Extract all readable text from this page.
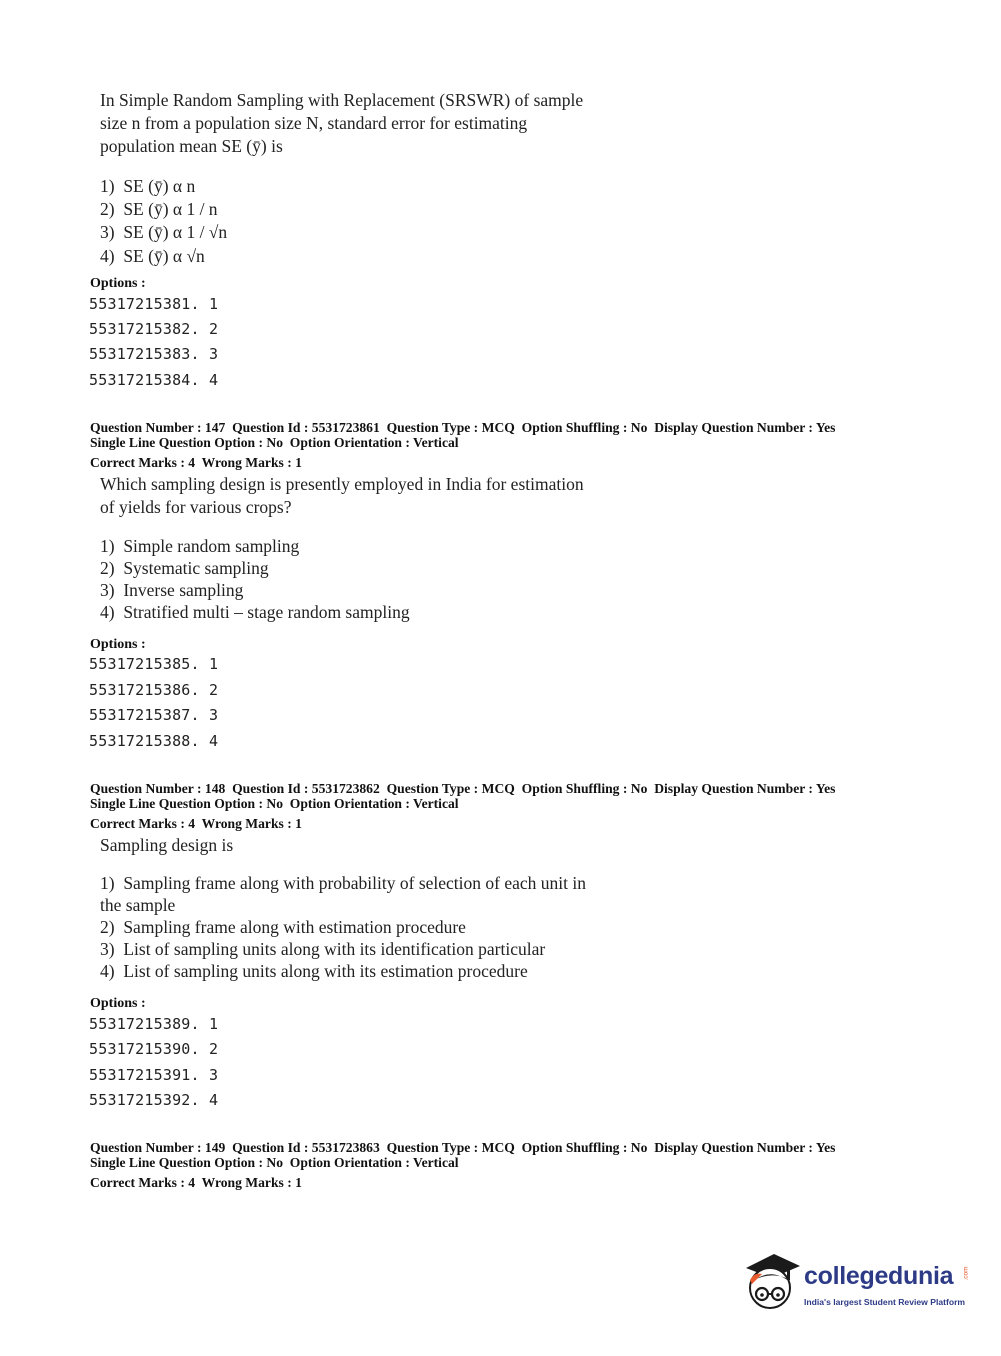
In Simple Random Sampling with Replacement (SRSWR) of sample
size n from a population size N, standard error for estimating
population mean SE (ȳ) is
1)  SE (ȳ) α n
2)  SE (ȳ) α 1 / n
3)  SE (ȳ) α 1 / √n
4)  SE (ȳ) α √n
Options :
55317215381. 1
55317215382. 2
55317215383. 3
55317215384. 4
Question Number : 147  Question Id : 5531723861  Question Type : MCQ  Option Shuffling : No  Display Question Number : Yes
Single Line Question Option : No  Option Orientation : Vertical
Correct Marks : 4  Wrong Marks : 1
Which sampling design is presently employed in India for estimation
of yields for various crops?
1)  Simple random sampling
2)  Systematic sampling
3)  Inverse sampling
4)  Stratified multi – stage random sampling
Options :
55317215385. 1
55317215386. 2
55317215387. 3
55317215388. 4
Question Number : 148  Question Id : 5531723862  Question Type : MCQ  Option Shuffling : No  Display Question Number : Yes
Single Line Question Option : No  Option Orientation : Vertical
Correct Marks : 4  Wrong Marks : 1
Sampling design is
1)  Sampling frame along with probability of selection of each unit in
the sample
2)  Sampling frame along with estimation procedure
3)  List of sampling units along with its identification particular
4)  List of sampling units along with its estimation procedure
Options :
55317215389. 1
55317215390. 2
55317215391. 3
55317215392. 4
Question Number : 149  Question Id : 5531723863  Question Type : MCQ  Option Shuffling : No  Display Question Number : Yes
Single Line Question Option : No  Option Orientation : Vertical
Correct Marks : 4  Wrong Marks : 1
collegedunia .com
India's largest Student Review Platform
